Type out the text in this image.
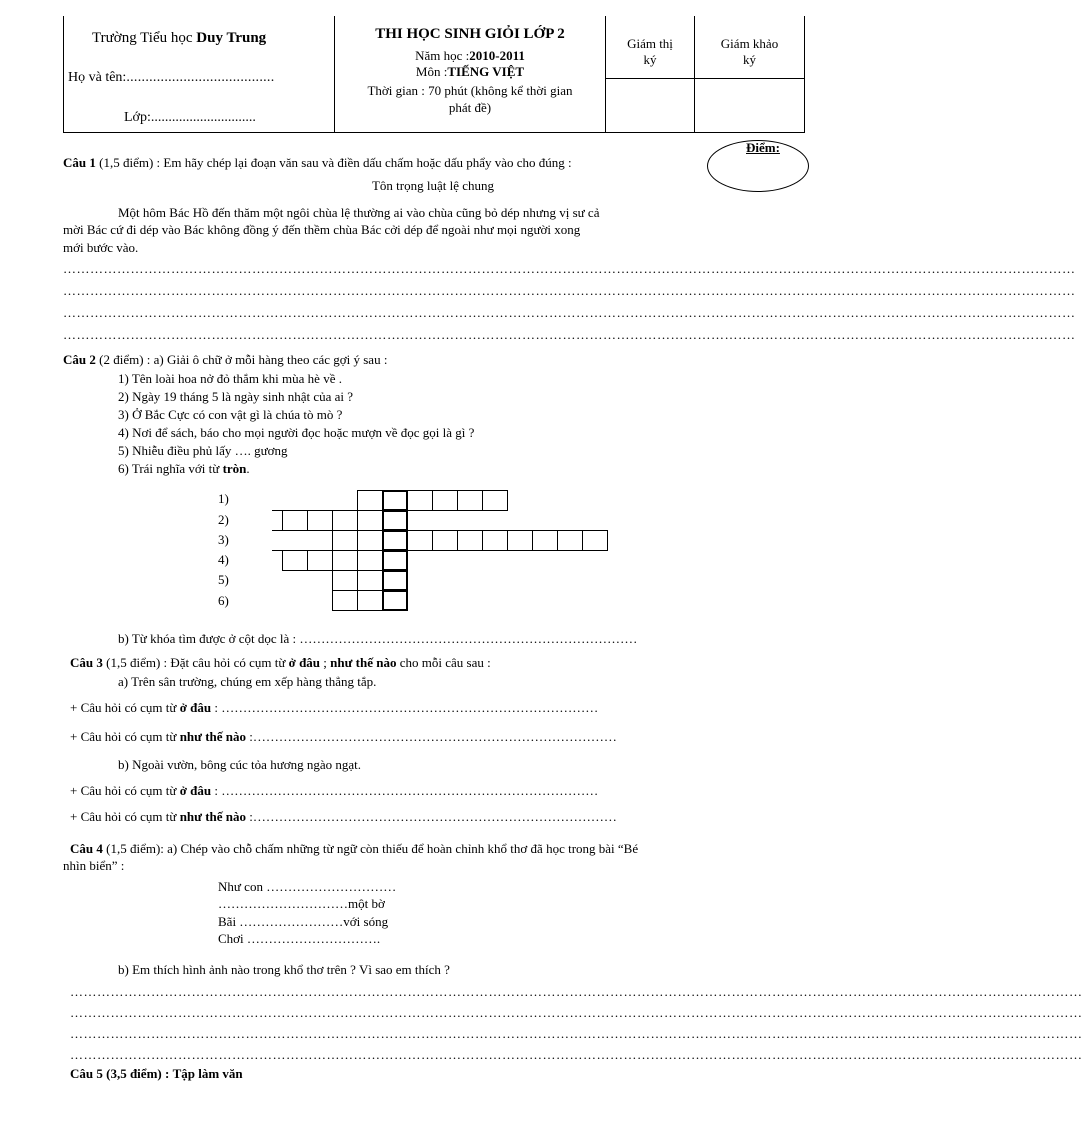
Trường Tiểu học Duy Trung
Họ và tên:.......................................
Lớp:..............................
THI HỌC SINH GIỎI LỚP 2
Năm học :2010-2011
Môn :TIẾNG VIỆT
Thời gian : 70 phút (không kể thời gian
phát đề)
Giám thị
ký
Giám khảo
ký
Điểm:
Câu 1 (1,5 điểm) : Em hãy chép lại đoạn văn sau và điền dấu chấm hoặc dấu phẩy vào cho đúng :
Tôn trọng luật lệ chung
Một hôm Bác Hồ đến thăm một ngôi chùa lệ thường ai vào chùa cũng bỏ dép nhưng vị sư cả
mời Bác cứ đi dép vào Bác không đồng ý đến thềm chùa Bác cởi dép để ngoài như mọi người xong
mới bước vào.
………………………………………………………………………………………………………………………………………………………………………………………………………
………………………………………………………………………………………………………………………………………………………………………………………………………
………………………………………………………………………………………………………………………………………………………………………………………………………
………………………………………………………………………………………………………………………………………………………………………………………………………
Câu 2 (2 điểm) : a) Giải ô chữ ở mỗi hàng theo các gợi ý sau :
1) Tên loài hoa nở đỏ thắm khi mùa hè về .
2) Ngày 19 tháng 5 là ngày sinh nhật của ai ?
3) Ở Bắc Cực có con vật gì là chúa tò mò ?
4) Nơi để sách, báo cho mọi người đọc hoặc mượn về đọc gọi là gì ?
5) Nhiễu điều phủ lấy …. gương
6) Trái nghĩa với từ tròn.
1)
2)
3)
4)
5)
6)
b) Từ khóa tìm được ở cột dọc là : ……………………………………………………………………
Câu 3 (1,5 điểm) : Đặt câu hỏi có cụm từ ở đâu ; như thế nào cho mỗi câu sau :
a) Trên sân trường, chúng em xếp hàng thẳng tắp.
+ Câu hỏi có cụm từ ở đâu : ……………………………………………………………………………
+ Câu hỏi có cụm từ như thế nào :…………………………………………………………………………
b) Ngoài vườn, bông cúc tỏa hương ngào ngạt.
+ Câu hỏi có cụm từ ở đâu : ……………………………………………………………………………
+ Câu hỏi có cụm từ như thế nào :…………………………………………………………………………
Câu 4 (1,5 điểm): a) Chép vào chỗ chấm những từ ngữ còn thiếu để hoàn chỉnh khổ thơ đã học trong bài “Bé
nhìn biển” :
Như con …………………………
…………………………một bờ
Bãi ……………………với sóng
Chơi ………………………….
b) Em thích hình ảnh nào trong khổ thơ trên ? Vì sao em thích ?
………………………………………………………………………………………………………………………………………………………………………………………………………
………………………………………………………………………………………………………………………………………………………………………………………………………
………………………………………………………………………………………………………………………………………………………………………………………………………
………………………………………………………………………………………………………………………………………………………………………………………………………
Câu 5 (3,5 điểm) : Tập làm văn
